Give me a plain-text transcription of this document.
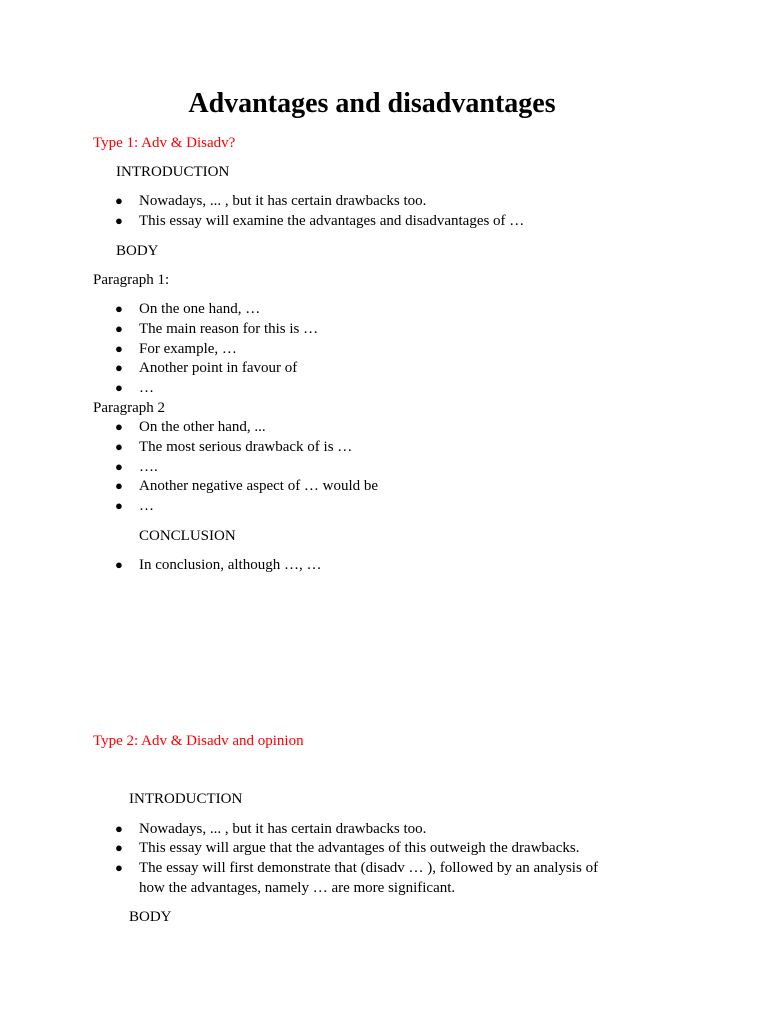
Advantages and disadvantages
Type 1: Adv & Disadv?
INTRODUCTION
● Nowadays, ... , but it has certain drawbacks too.
● This essay will examine the advantages and disadvantages of …
BODY
Paragraph 1:
● On the one hand, …
● The main reason for this is …
● For example, …
● Another point in favour of
● …
Paragraph 2
● On the other hand, ...
● The most serious drawback of is …
● ….
● Another negative aspect of … would be
● …
CONCLUSION
● In conclusion, although …, …
Type 2: Adv & Disadv and opinion
INTRODUCTION
● Nowadays, ... , but it has certain drawbacks too.
● This essay will argue that the advantages of this outweigh the drawbacks.
● The essay will first demonstrate that (disadv … ), followed by an analysis of
how the advantages, namely … are more significant.
BODY
